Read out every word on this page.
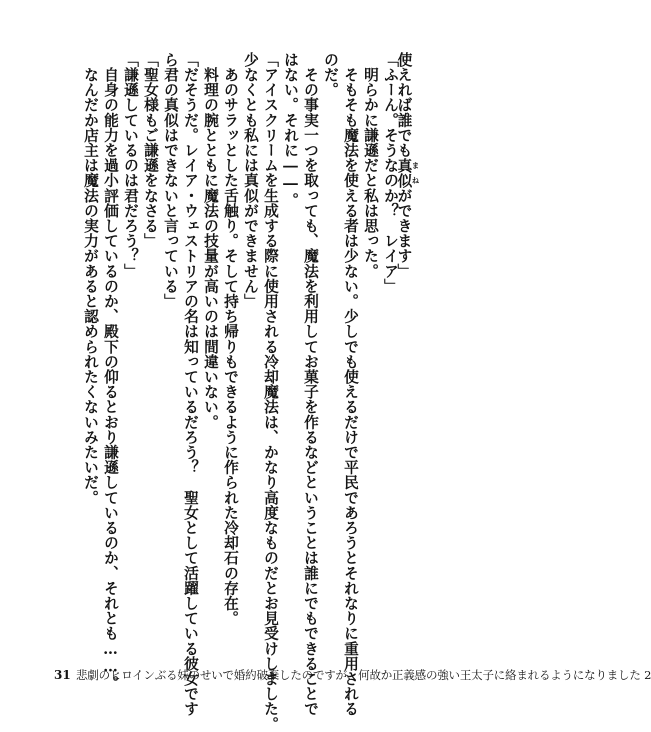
使えれば誰でも真似 まねができます」
「ふーん。そうなのか？　レイア」
　明らかに謙遜だと私は思った。
　そもそも魔法を使える者は少ない。少しでも使えるだけで平民であろうとそれなりに重用される
のだ。
　その事実一つを取っても、魔法を利用してお菓子を作るなどということは誰にでもできることで
はない。それに――。
「アイスクリームを生成する際に使用される冷却魔法は、かなり高度なものだとお見受けしました。
少なくとも私には真似ができません」
　あのサラッとした舌触り。そして持ち帰りもできるように作られた冷却石の存在。
　料理の腕とともに魔法の技量が高いのは間違いない。
「だそうだ。レイア・ウェストリアの名は知っているだろう？　聖女として活躍している彼女です
ら君の真似はできないと言っている」
「聖女様もご謙遜をなさる」
「謙遜しているのは君だろう？」
　自身の能力を過小評価しているのか、殿下の仰るとおり謙遜しているのか、それとも……。
　なんだか店主は魔法の実力があると認められたくないみたいだ。
31 悲劇のヒロインぶる妹のせいで婚約破棄したのですが、何故か正義感の強い王太子に絡まれるようになりました 2
